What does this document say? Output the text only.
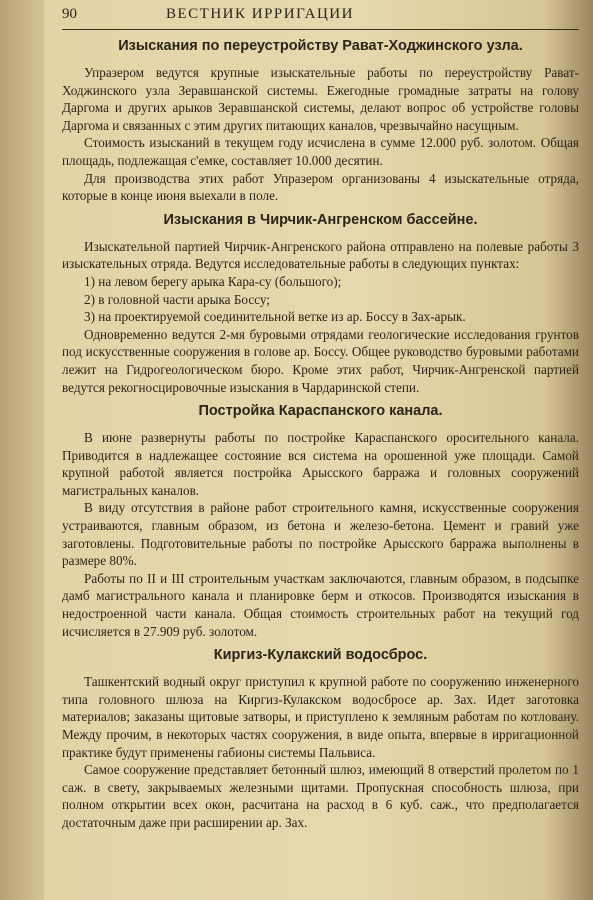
90	ВЕСТНИК ИРРИГАЦИИ
Изыскания по переустройству Рават-Ходжинского узла.

Упразером ведутся крупные изыскательные работы по переустройству Рават-Ходжинского узла Зеравшанской системы. Ежегодные громадные затраты на голову Даргома и других арыков Зеравшанской системы, делают вопрос об устройстве головы Даргома и связанных с этим других питающих каналов, чрезвычайно насущным.

Стоимость изысканий в текущем году исчислена в сумме 12.000 руб. золотом. Общая площадь, подлежащая с'емке, составляет 10.000 десятин.

Для производства этих работ Упразером организованы 4 изыскательные отряда, которые в конце июня выехали в поле.

Изыскания в Чирчик-Ангренском бассейне.

Изыскательной партией Чирчик-Ангренского района отправлено на полевые работы 3 изыскательных отряда. Ведутся исследовательные работы в следующих пунктах:

1) на левом берегу арыка Кара-су (большого);

2) в головной части арыка Боссу;

3) на проектируемой соединительной ветке из ар. Боссу в Зах-арык.

Одновременно ведутся 2-мя буровыми отрядами геологические исследования грунтов под искусственные сооружения в голове ар. Боссу. Общее руководство буровыми работами лежит на Гидрогеологическом бюро. Кроме этих работ, Чирчик-Ангренской партией ведутся рекогносцировочные изыскания в Чардаринской степи.

Постройка Караспанского канала.

В июне развернуты работы по постройке Караспанского оросительного канала. Приводится в надлежащее состояние вся система на орошенной уже площади. Самой крупной работой является постройка Арысского барража и головных сооружений магистральных каналов.

В виду отсутствия в районе работ строительного камня, искусственные сооружения устраиваются, главным образом, из бетона и железо-бетона. Цемент и гравий уже заготовлены. Подготовительные работы по постройке Арысского барража выполнены в размере 80%.

Работы по II и III строительным участкам заключаются, главным образом, в подсыпке дамб магистрального канала и планировке берм и откосов. Производятся изыскания в недостроенной части канала. Общая стоимость строительных работ на текущий год исчисляется в 27.909 руб. золотом.

Киргиз-Кулакский водосброс.

Ташкентский водный округ приступил к крупной работе по сооружению инженерного типа головного шлюза на Киргиз-Кулакском водосбросе ар. Зах. Идет заготовка материалов; заказаны щитовые затворы, и приступлено к земляным работам по котловану. Между прочим, в некоторых частях сооружения, в виде опыта, впервые в ирригационной практике будут применены габионы системы Пальвиса.

Самое сооружение представляет бетонный шлюз, имеющий 8 отверстий пролетом по 1 саж. в свету, закрываемых железными щитами. Пропускная способность шлюза, при полном открытии всех окон, расчитана на расход в 6 куб. саж., что предполагается достаточным даже при расширении ар. Зах.
